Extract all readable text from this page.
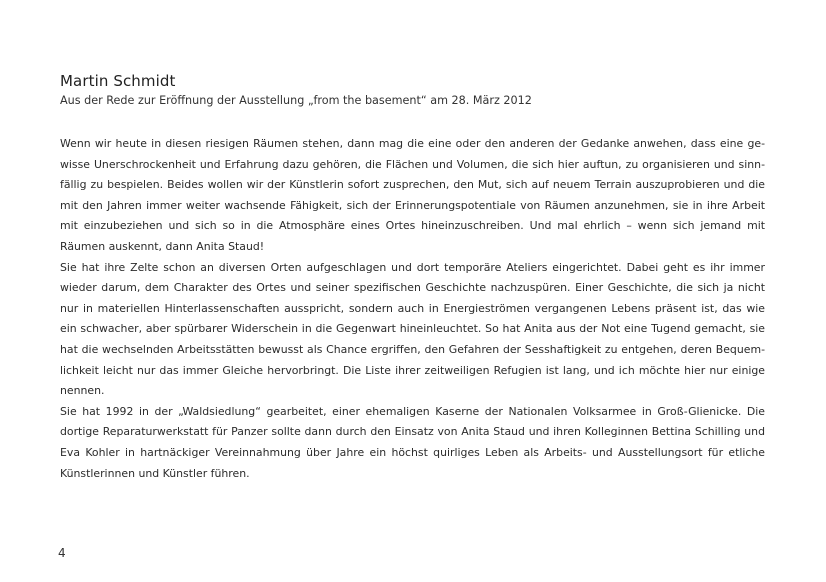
Martin Schmidt
Aus der Rede zur Eröffnung der Ausstellung „from the basement“ am 28. März 2012

Wenn wir heute in diesen riesigen Räumen stehen, dann mag die eine oder den anderen der Gedanke anwehen, dass eine gewisse Unerschrockenheit und Erfahrung dazu gehören, die Flächen und Volumen, die sich hier auftun, zu organisieren und sinnfällig zu bespielen. Beides wollen wir der Künstlerin sofort zusprechen, den Mut, sich auf neuem Terrain auszuprobieren und die mit den Jahren immer weiter wachsende Fähigkeit, sich der Erinnerungspotentiale von Räumen anzunehmen, sie in ihre Arbeit mit einzubeziehen und sich so in die Atmosphäre eines Ortes hineinzuschreiben. Und mal ehrlich – wenn sich jemand mit Räumen auskennt, dann Anita Staud!

Sie hat ihre Zelte schon an diversen Orten aufgeschlagen und dort temporäre Ateliers eingerichtet. Dabei geht es ihr immer wieder darum, dem Charakter des Ortes und seiner spezifischen Geschichte nachzuspüren. Einer Geschichte, die sich ja nicht nur in materiellen Hinterlassenschaften ausspricht, sondern auch in Energieströmen vergangenen Lebens präsent ist, das wie ein schwacher, aber spürbarer Widerschein in die Gegenwart hineinleuchtet. So hat Anita aus der Not eine Tugend gemacht, sie hat die wechselnden Arbeitsstätten bewusst als Chance ergriffen, den Gefahren der Sesshaftigkeit zu entgehen, deren Bequemlichkeit leicht nur das immer Gleiche hervorbringt. Die Liste ihrer zeitweiligen Refugien ist lang, und ich möchte hier nur einige nennen.

Sie hat 1992 in der „Waldsiedlung“ gearbeitet, einer ehemaligen Kaserne der Nationalen Volksarmee in Groß-Glienicke. Die dortige Reparaturwerkstatt für Panzer sollte dann durch den Einsatz von Anita Staud und ihren Kolleginnen Bettina Schilling und Eva Kohler in hartnäckiger Vereinnahmung über Jahre ein höchst quirliges Leben als Arbeits- und Ausstellungsort für etliche Künstlerinnen und Künstler führen.

4
